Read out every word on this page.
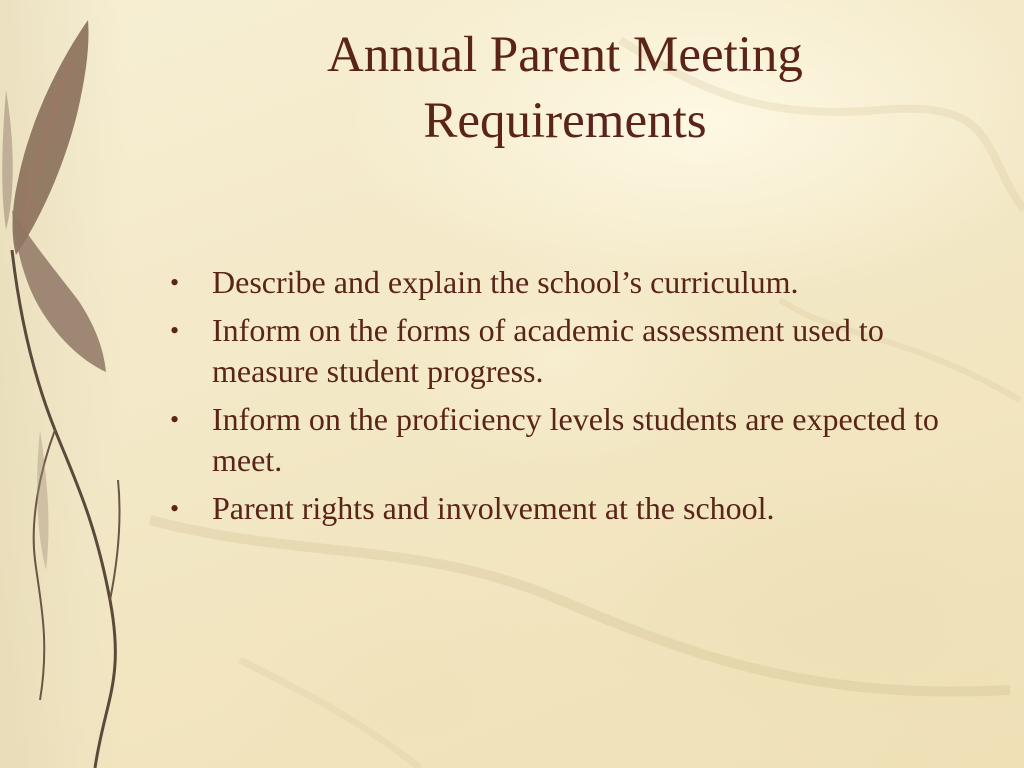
Annual Parent Meeting
Requirements
• Describe and explain the school’s curriculum.
• Inform on the forms of academic assessment used to measure student progress.
• Inform on the proficiency levels students are expected to meet.
• Parent rights and involvement at the school.
